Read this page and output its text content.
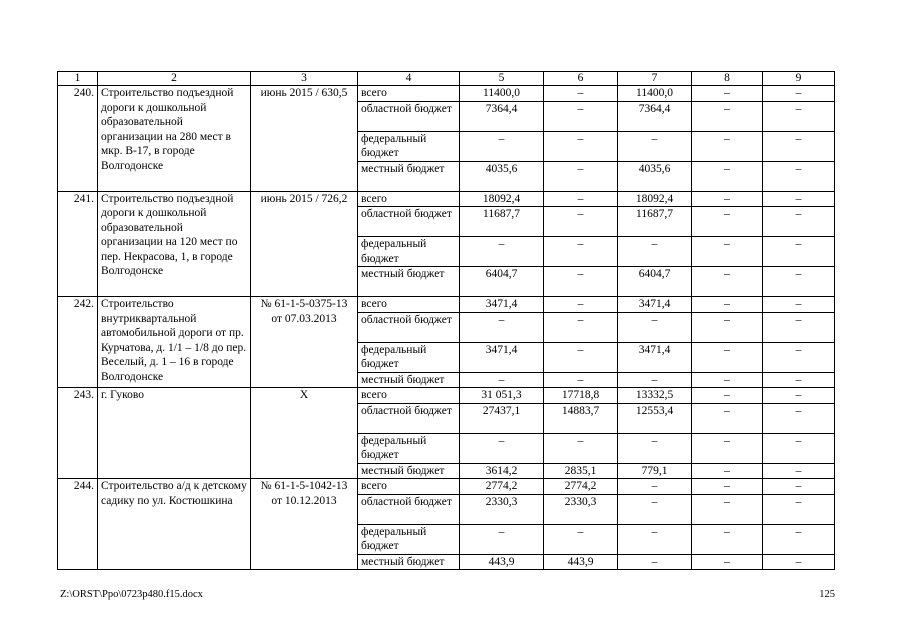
1	2	3	4	5	6	7	8	9
240.	Строительство подъездной дороги к дошкольной образовательной организации на 280 мест в мкр. В-17, в городе Волгодонске	июнь 2015 / 630,5	всего	11400,0	–	11400,0	–	–
			областной бюджет	7364,4	–	7364,4	–	–
			федеральный бюджет	–	–	–	–	–
			местный бюджет	4035,6	–	4035,6	–	–
241.	Строительство подъездной дороги к дошкольной образовательной организации на 120 мест по пер. Некрасова, 1, в городе Волгодонске	июнь 2015 / 726,2	всего	18092,4	–	18092,4	–	–
			областной бюджет	11687,7	–	11687,7	–	–
			федеральный бюджет	–	–	–	–	–
			местный бюджет	6404,7	–	6404,7	–	–
242.	Строительство внутриквартальной автомобильной дороги от пр. Курчатова, д. 1/1 – 1/8 до пер. Веселый, д. 1 – 16 в городе Волгодонске	№ 61-1-5-0375-13 от 07.03.2013	всего	3471,4	–	3471,4	–	–
			областной бюджет	–	–	–	–	–
			федеральный бюджет	3471,4	–	3471,4	–	–
			местный бюджет	–	–	–	–	–
243.	г. Гуково	Х	всего	31 051,3	17718,8	13332,5	–	–
			областной бюджет	27437,1	14883,7	12553,4	–	–
			федеральный бюджет	–	–	–	–	–
			местный бюджет	3614,2	2835,1	779,1	–	–
244.	Строительство а/д к детскому садику по ул. Костюшкина	№ 61-1-5-1042-13 от 10.12.2013	всего	2774,2	2774,2	–	–	–
			областной бюджет	2330,3	2330,3	–	–	–
			федеральный бюджет	–	–	–	–	–
			местный бюджет	443,9	443,9	–	–	–
Z:\ORST\Ppo\0723p480.f15.docx	125
